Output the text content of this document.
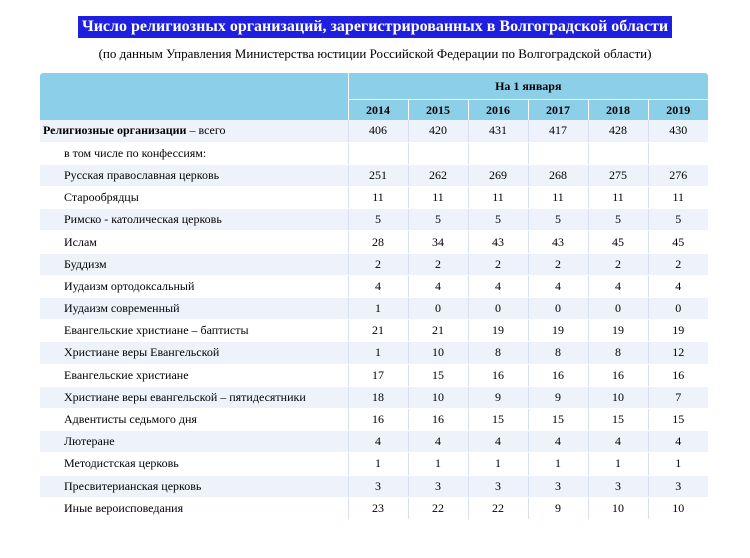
Число религиозных организаций, зарегистрированных в Волгоградской области
(по данным Управления Министерства юстиции Российской Федерации по Волгоградской области)
	На 1 января					
	2014	2015	2016	2017	2018	2019
Религиозные организации – всего	406	420	431	417	428	430
в том числе по конфессиям:						
Русская православная церковь	251	262	269	268	275	276
Старообрядцы	11	11	11	11	11	11
Римско - католическая церковь	5	5	5	5	5	5
Ислам	28	34	43	43	45	45
Буддизм	2	2	2	2	2	2
Иудаизм ортодоксальный	4	4	4	4	4	4
Иудаизм современный	1	0	0	0	0	0
Евангельские христиане – баптисты	21	21	19	19	19	19
Христиане веры Евангельской	1	10	8	8	8	12
Евангельские христиане	17	15	16	16	16	16
Христиане веры евангельской – пятидесятники	18	10	9	9	10	7
Адвентисты седьмого дня	16	16	15	15	15	15
Лютеране	4	4	4	4	4	4
Методистская церковь	1	1	1	1	1	1
Пресвитерианская церковь	3	3	3	3	3	3
Иные вероисповедания	23	22	22	9	10	10
